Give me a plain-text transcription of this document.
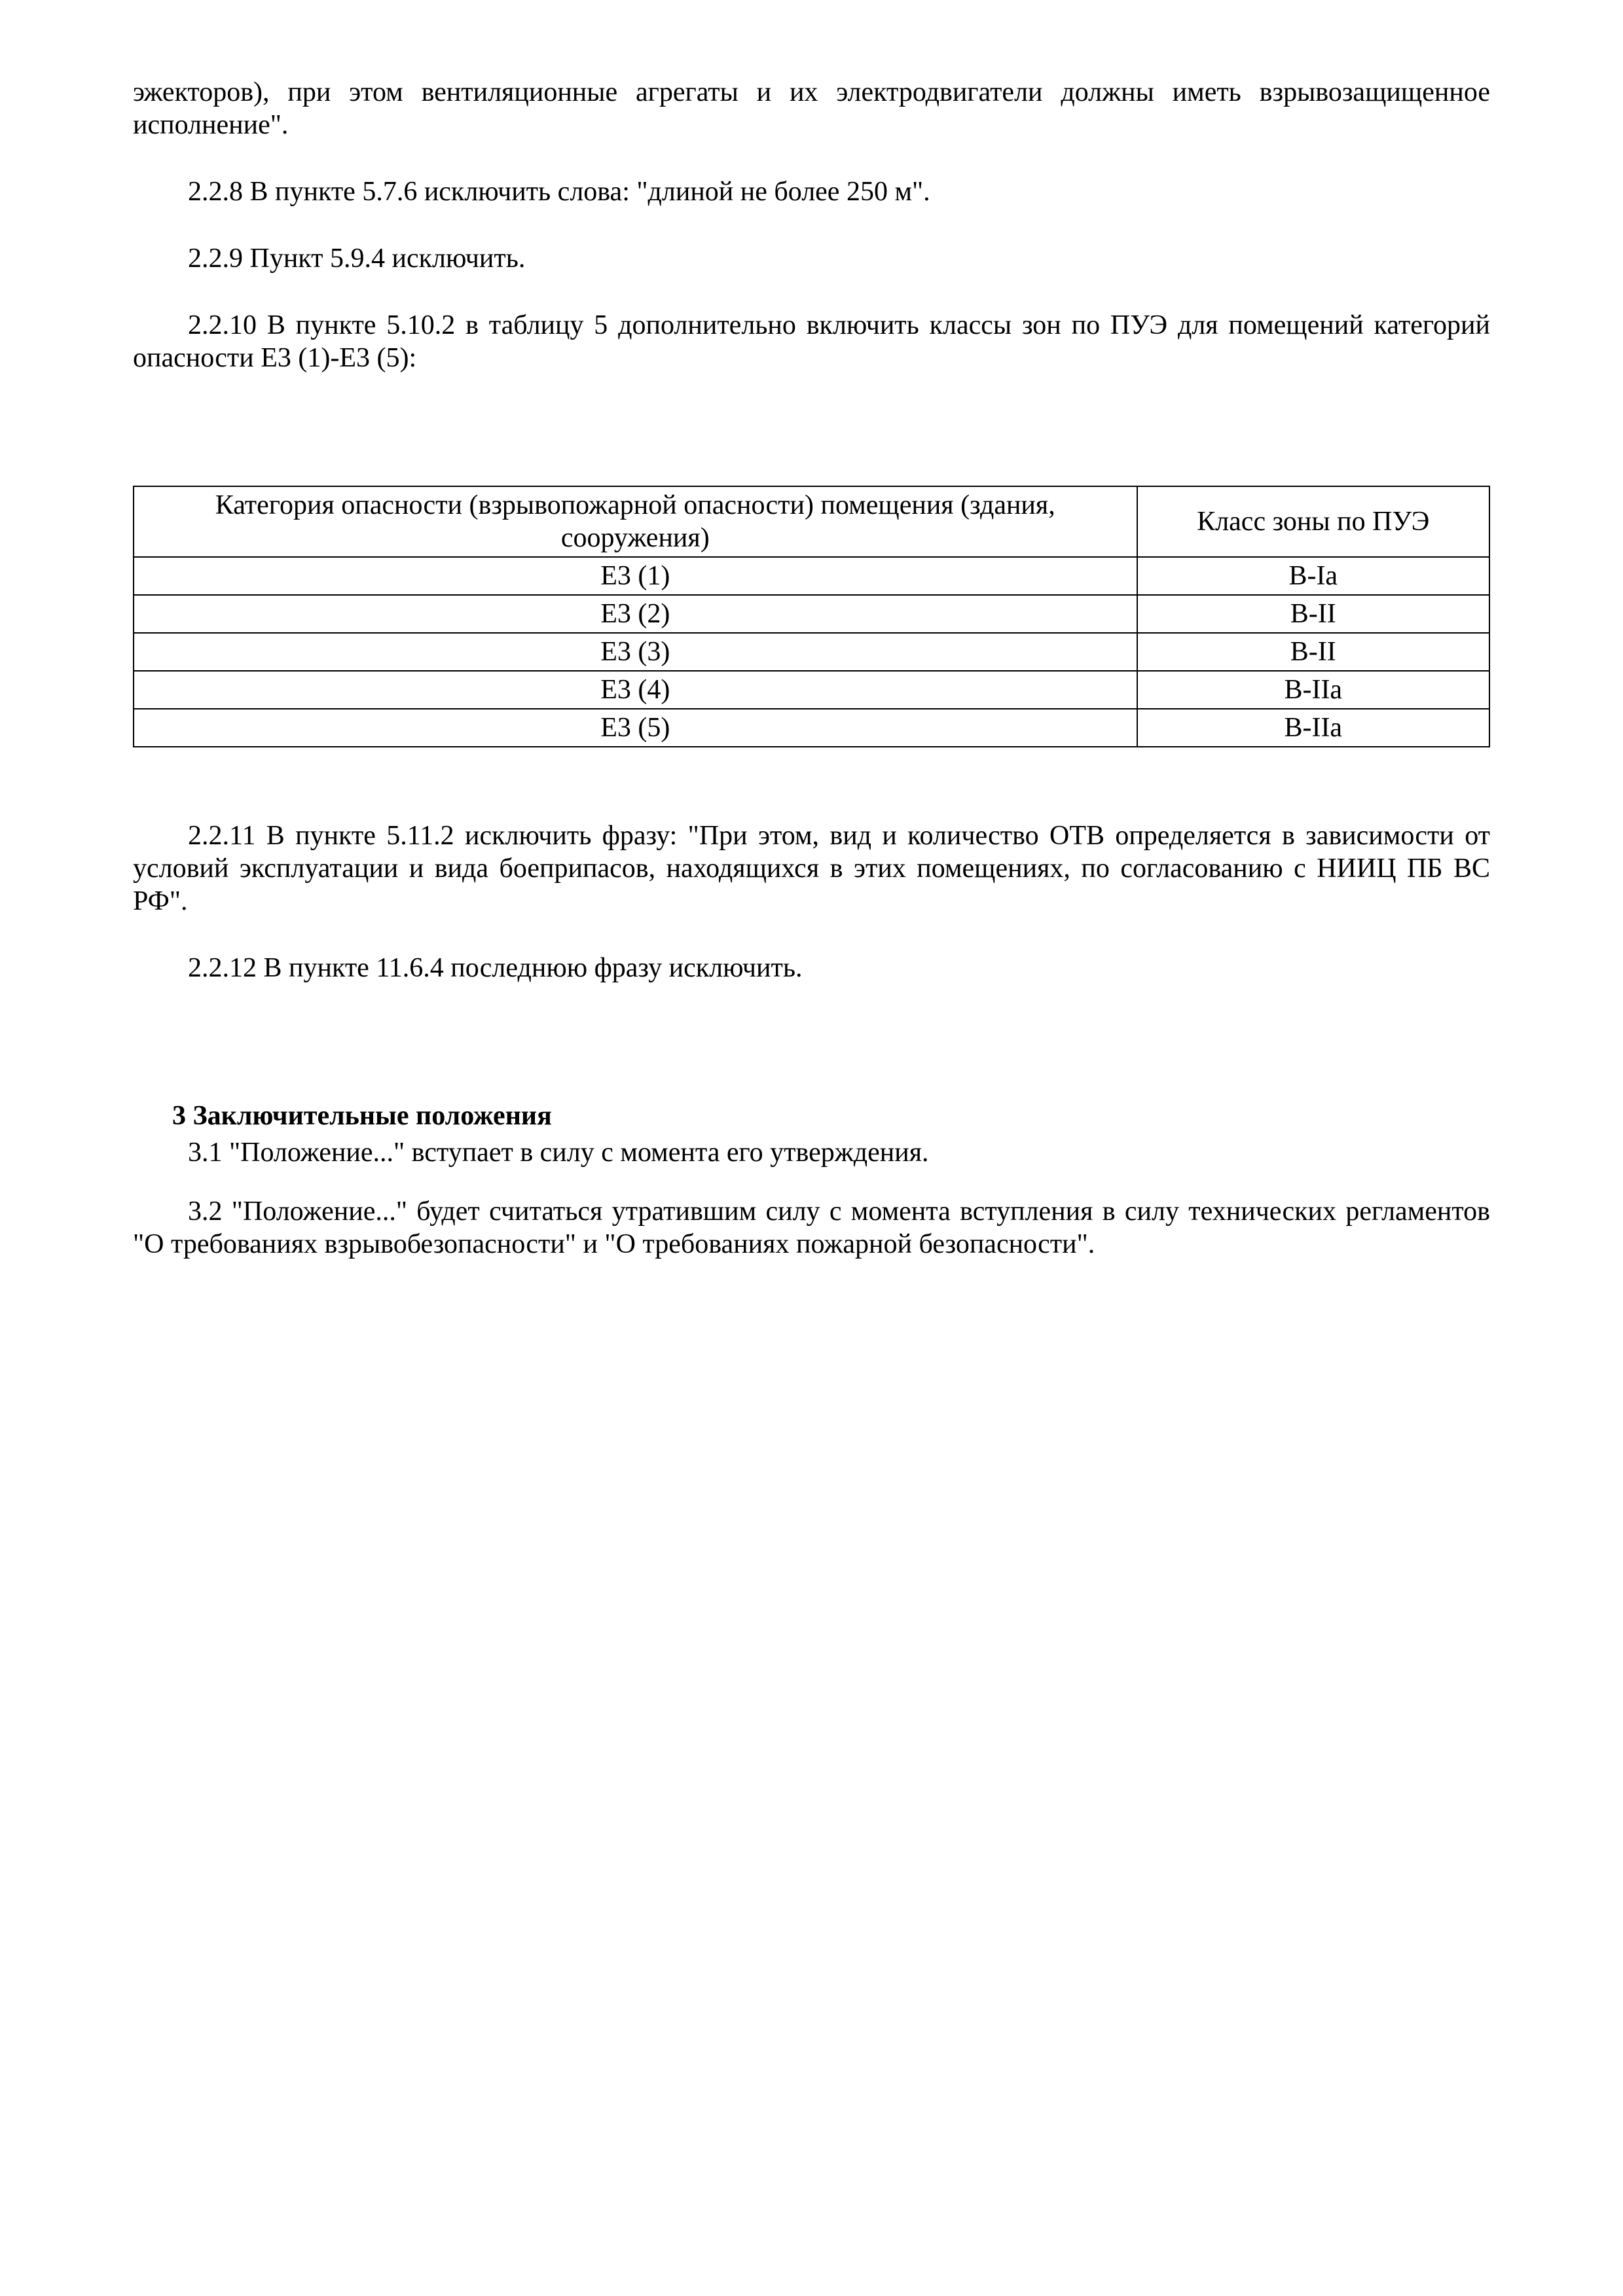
эжекторов), при этом вентиляционные агрегаты и их электродвигатели должны иметь взрывозащищенное исполнение".

2.2.8 В пункте 5.7.6 исключить слова: "длиной не более 250 м".

2.2.9 Пункт 5.9.4 исключить.

2.2.10 В пункте 5.10.2 в таблицу 5 дополнительно включить классы зон по ПУЭ для помещений категорий опасности Е3 (1)-Е3 (5):

Категория опасности (взрывопожарной опасности) помещения (здания, сооружения)	Класс зоны по ПУЭ
Е3 (1)	В-Iа
Е3 (2)	В-II
Е3 (3)	В-II
Е3 (4)	В-IIа
Е3 (5)	В-IIа

2.2.11 В пункте 5.11.2 исключить фразу: "При этом, вид и количество ОТВ определяется в зависимости от условий эксплуатации и вида боеприпасов, находящихся в этих помещениях, по согласованию с НИИЦ ПБ ВС РФ".

2.2.12 В пункте 11.6.4 последнюю фразу исключить.

3 Заключительные положения

3.1 "Положение..." вступает в силу с момента его утверждения.

3.2 "Положение..." будет считаться утратившим силу с момента вступления в силу технических регламентов "О требованиях взрывобезопасности" и "О требованиях пожарной безопасности".
